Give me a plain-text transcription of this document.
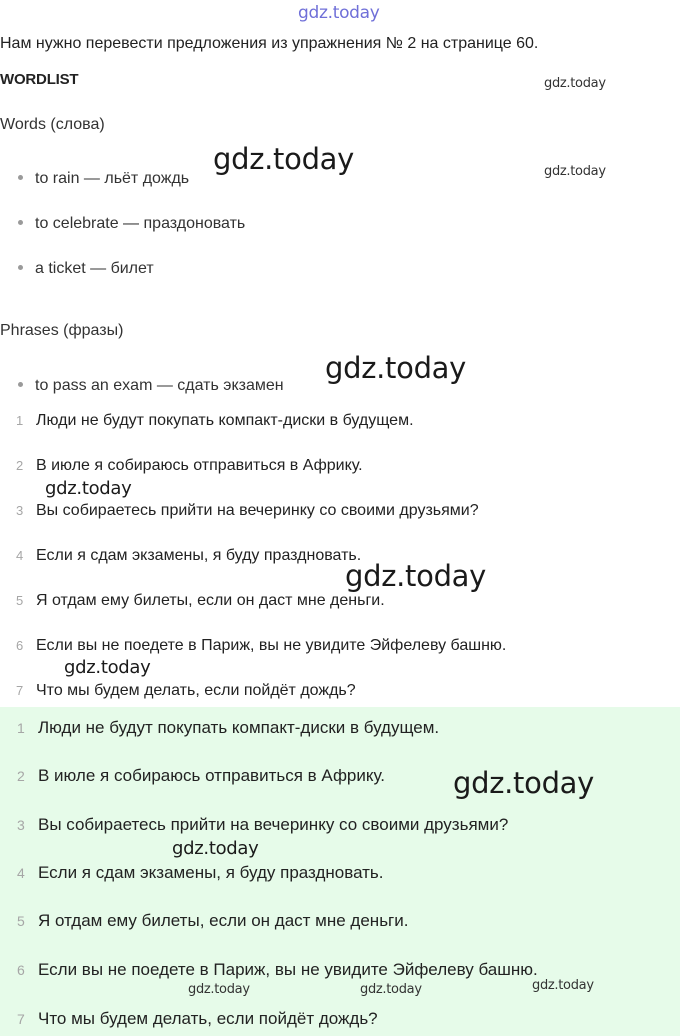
gdz.today
Нам нужно перевести предложения из упражнения № 2 на странице 60.
WORDLIST
Words (слова)
to rain — льёт дождь
to celebrate — праздоновать
a ticket — билет
Phrases (фразы)
to pass an exam — сдать экзамен
1 Люди не будут покупать компакт-диски в будущем.
2 В июле я собираюсь отправиться в Африку.
3 Вы собираетесь прийти на вечеринку со своими друзьями?
4 Если я сдам экзамены, я буду праздновать.
5 Я отдам ему билеты, если он даст мне деньги.
6 Если вы не поедете в Париж, вы не увидите Эйфелеву башню.
7 Что мы будем делать, если пойдёт дождь?
1 Люди не будут покупать компакт-диски в будущем.
2 В июле я собираюсь отправиться в Африку.
3 Вы собираетесь прийти на вечеринку со своими друзьями?
4 Если я сдам экзамены, я буду праздновать.
5 Я отдам ему билеты, если он даст мне деньги.
6 Если вы не поедете в Париж, вы не увидите Эйфелеву башню.
7 Что мы будем делать, если пойдёт дождь?
gdz.today
gdz.today	gdz.today
gdz.today
gdz.today
gdz.today
gdz.today
gdz.today
gdz.today
gdz.today
gdz.today	gdz.today
